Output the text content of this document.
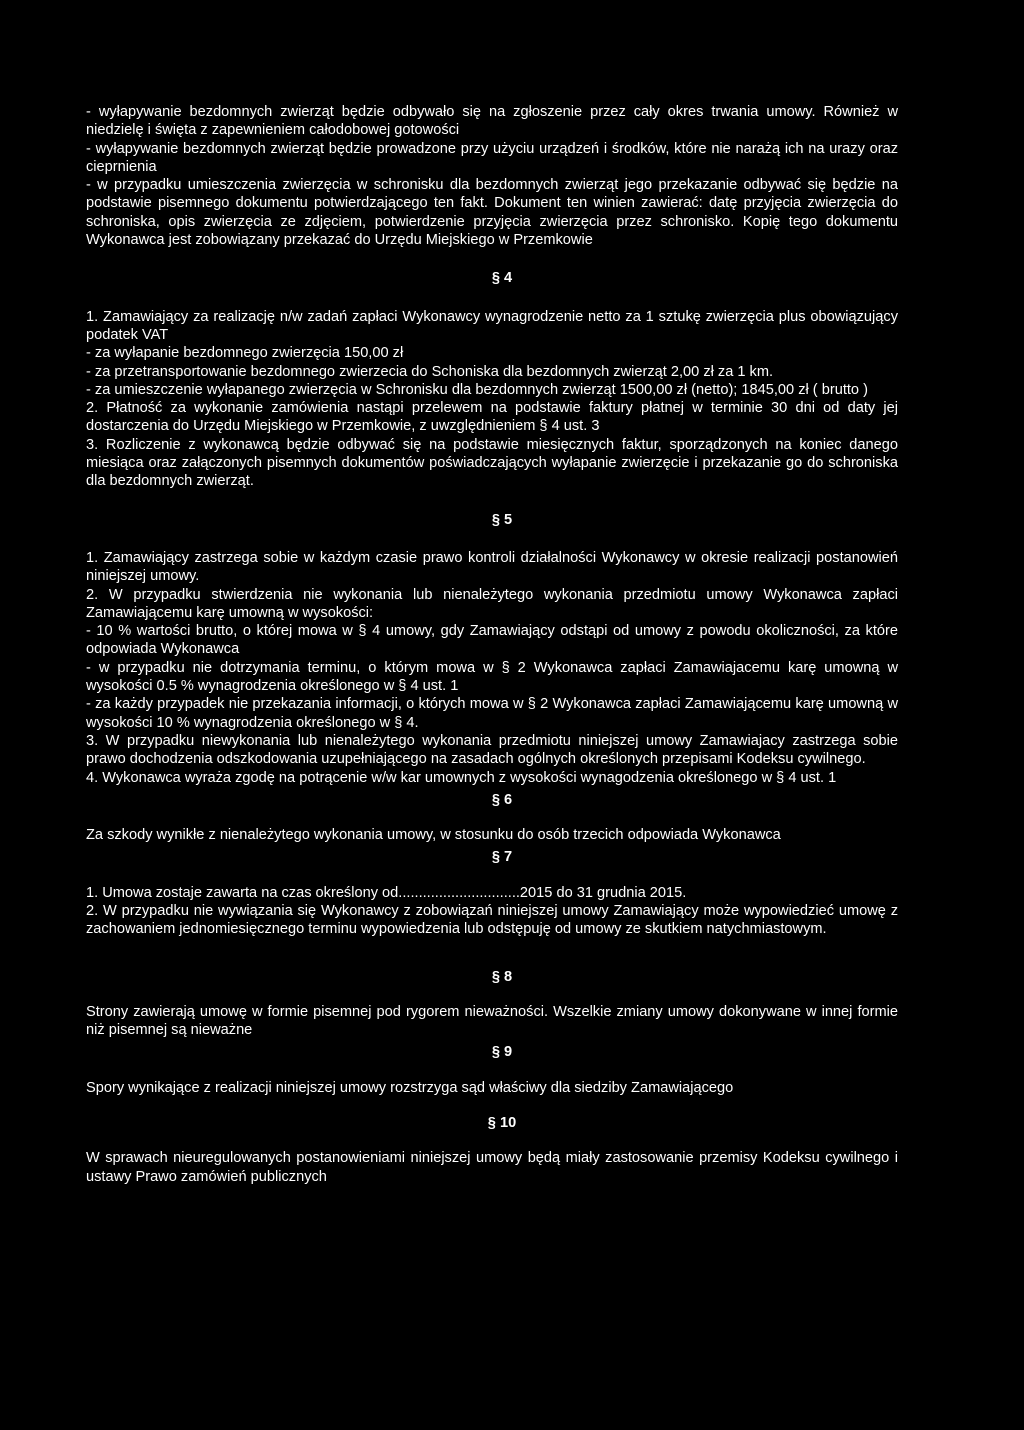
- wyłapywanie bezdomnych zwierząt będzie odbywało się na zgłoszenie przez cały okres trwania umowy. Również w niedzielę i święta z zapewnieniem całodobowej gotowości

- wyłapywanie bezdomnych zwierząt będzie prowadzone przy użyciu urządzeń i środków, które nie narażą ich na urazy oraz cieprnienia

- w przypadku umieszczenia zwierzęcia w schronisku dla bezdomnych zwierząt jego przekazanie odbywać się będzie na podstawie pisemnego dokumentu potwierdzającego ten fakt. Dokument ten winien zawierać: datę przyjęcia zwierzęcia do schroniska, opis zwierzęcia ze zdjęciem, potwierdzenie przyjęcia zwierzęcia przez schronisko. Kopię tego dokumentu Wykonawca jest zobowiązany przekazać do Urzędu Miejskiego w Przemkowie

§ 4

1. Zamawiający za realizację n/w zadań zapłaci Wykonawcy wynagrodzenie netto za 1 sztukę zwierzęcia plus obowiązujący podatek VAT

- za wyłapanie bezdomnego zwierzęcia 150,00 zł

- za przetransportowanie bezdomnego zwierzecia do Schoniska dla bezdomnych zwierząt 2,00 zł za 1 km.

- za umieszczenie wyłapanego zwierzęcia w Schronisku dla bezdomnych zwierząt 1500,00 zł (netto); 1845,00 zł ( brutto )

2. Płatność za wykonanie zamówienia nastąpi przelewem na podstawie faktury płatnej w terminie 30 dni od daty jej dostarczenia do Urzędu Miejskiego w Przemkowie, z uwzględnieniem § 4 ust. 3

3. Rozliczenie z wykonawcą będzie odbywać się na podstawie miesięcznych faktur, sporządzonych na koniec danego miesiąca oraz załączonych pisemnych dokumentów poświadczających wyłapanie zwierzęcie i przekazanie go do schroniska dla bezdomnych zwierząt.

§ 5

1. Zamawiający zastrzega sobie w każdym czasie prawo kontroli działalności Wykonawcy w okresie realizacji postanowień niniejszej umowy.

2. W przypadku stwierdzenia nie wykonania lub nienależytego wykonania przedmiotu umowy Wykonawca zapłaci Zamawiającemu karę umowną w wysokości:

- 10 % wartości brutto, o której mowa w § 4 umowy, gdy Zamawiający odstąpi od umowy z powodu okoliczności, za które odpowiada Wykonawca

- w przypadku nie dotrzymania terminu, o którym mowa w § 2 Wykonawca zapłaci Zamawiajacemu karę umowną w wysokości 0.5 % wynagrodzenia określonego w § 4 ust. 1

- za każdy przypadek nie przekazania informacji, o których mowa w § 2 Wykonawca zapłaci Zamawiającemu karę umowną w wysokości 10 % wynagrodzenia określonego w § 4.

3. W przypadku niewykonania lub nienależytego wykonania przedmiotu niniejszej umowy Zamawiajacy zastrzega sobie prawo dochodzenia odszkodowania uzupełniającego na zasadach ogólnych określonych przepisami Kodeksu cywilnego.

4. Wykonawca wyraża zgodę na potrącenie w/w kar umownych z wysokości wynagodzenia określonego w § 4 ust. 1

§ 6

Za szkody wynikłe z nienależytego wykonania umowy, w stosunku do osób trzecich odpowiada Wykonawca

§ 7

1. Umowa zostaje zawarta na czas określony od..............................2015 do 31 grudnia 2015.

2. W przypadku nie wywiązania się Wykonawcy z zobowiązań niniejszej umowy Zamawiający może wypowiedzieć umowę z zachowaniem jednomiesięcznego terminu wypowiedzenia lub odstępuję od umowy ze skutkiem natychmiastowym.

§ 8

Strony zawierają umowę w formie pisemnej pod rygorem nieważności. Wszelkie zmiany umowy dokonywane w innej formie niż pisemnej są nieważne

§ 9

Spory wynikające z realizacji niniejszej umowy rozstrzyga sąd właściwy dla siedziby Zamawiającego

§ 10

W sprawach nieuregulowanych postanowieniami niniejszej umowy będą miały zastosowanie przemisy Kodeksu cywilnego i ustawy Prawo zamówień publicznych
